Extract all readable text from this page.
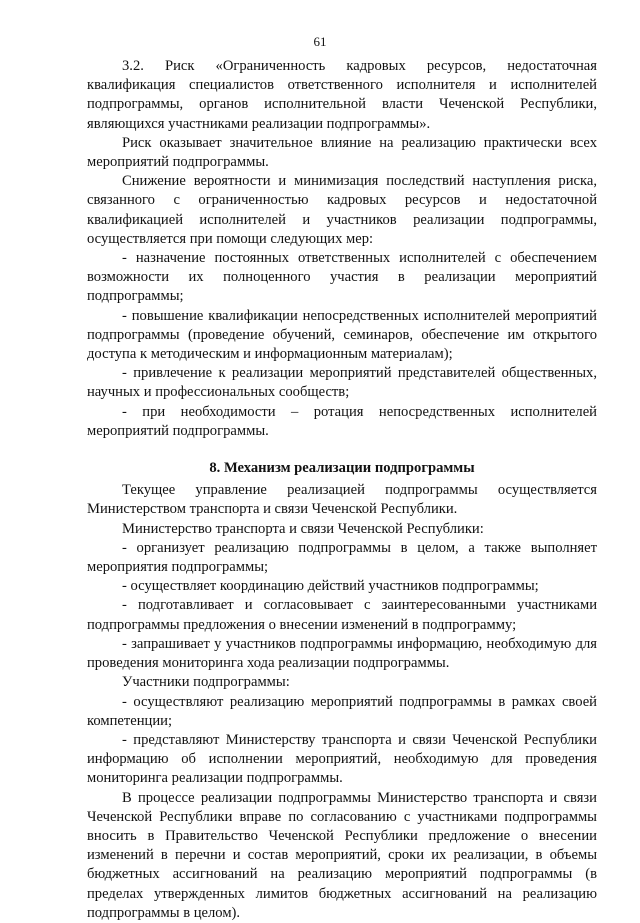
61

3.2. Риск «Ограниченность кадровых ресурсов, недостаточная квалификация специалистов ответственного исполнителя и исполнителей подпрограммы, органов исполнительной власти Чеченской Республики, являющихся участниками реализации подпрограммы».

Риск оказывает значительное влияние на реализацию практически всех мероприятий подпрограммы.

Снижение вероятности и минимизация последствий наступления риска, связанного с ограниченностью кадровых ресурсов и недостаточной квалификацией исполнителей и участников реализации подпрограммы, осуществляется при помощи следующих мер:

- назначение постоянных ответственных исполнителей с обеспечением возможности их полноценного участия в реализации мероприятий подпрограммы;

- повышение квалификации непосредственных исполнителей мероприятий подпрограммы (проведение обучений, семинаров, обеспечение им открытого доступа к методическим и информационным материалам);

- привлечение к реализации мероприятий представителей общественных, научных и профессиональных сообществ;

- при необходимости – ротация непосредственных исполнителей мероприятий подпрограммы.

8. Механизм реализации подпрограммы

Текущее управление реализацией подпрограммы осуществляется Министерством транспорта и связи Чеченской Республики.

Министерство транспорта и связи Чеченской Республики:

- организует реализацию подпрограммы в целом, а также выполняет мероприятия подпрограммы;

- осуществляет координацию действий участников подпрограммы;

- подготавливает и согласовывает с заинтересованными участниками подпрограммы предложения о внесении изменений в подпрограмму;

- запрашивает у участников подпрограммы информацию, необходимую для проведения мониторинга хода реализации подпрограммы.

Участники подпрограммы:

- осуществляют реализацию мероприятий подпрограммы в рамках своей компетенции;

- представляют Министерству транспорта и связи Чеченской Республики информацию об исполнении мероприятий, необходимую для проведения мониторинга реализации подпрограммы.

В процессе реализации подпрограммы Министерство транспорта и связи Чеченской Республики вправе по согласованию с участниками подпрограммы вносить в Правительство Чеченской Республики предложение о внесении изменений в перечни и состав мероприятий, сроки их реализации, в объемы бюджетных ассигнований на реализацию мероприятий подпрограммы (в пределах утвержденных лимитов бюджетных ассигнований на реализацию подпрограммы в целом).
